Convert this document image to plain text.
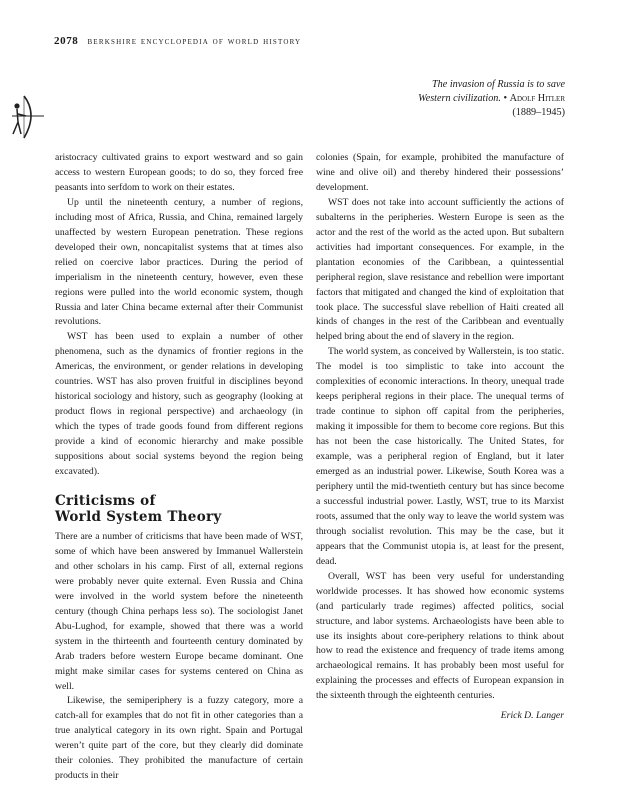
2078 berkshire encyclopedia of world history
The invasion of Russia is to save
Western civilization. • Adolf Hitler
(1889–1945)

aristocracy cultivated grains to export westward and so gain access to western European goods; to do so, they forced free peasants into serfdom to work on their estates.

Up until the nineteenth century, a number of regions, including most of Africa, Russia, and China, remained largely unaffected by western European penetration. These regions developed their own, noncapitalist systems that at times also relied on coercive labor practices. During the period of imperialism in the nineteenth century, however, even these regions were pulled into the world economic system, though Russia and later China became external after their Communist revolutions.

WST has been used to explain a number of other phenomena, such as the dynamics of frontier regions in the Americas, the environment, or gender relations in developing countries. WST has also proven fruitful in disciplines beyond historical sociology and history, such as geography (looking at product flows in regional perspective) and archaeology (in which the types of trade goods found from different regions provide a kind of economic hierarchy and make possible suppositions about social systems beyond the region being excavated).

Criticisms of
World System Theory

There are a number of criticisms that have been made of WST, some of which have been answered by Immanuel Wallerstein and other scholars in his camp. First of all, external regions were probably never quite external. Even Russia and China were involved in the world system before the nineteenth century (though China perhaps less so). The sociologist Janet Abu-Lughod, for example, showed that there was a world system in the thirteenth and fourteenth century dominated by Arab traders before western Europe became dominant. One might make similar cases for systems centered on China as well.

Likewise, the semiperiphery is a fuzzy category, more a catch-all for examples that do not fit in other categories than a true analytical category in its own right. Spain and Portugal weren’t quite part of the core, but they clearly did dominate their colonies. They prohibited the manufacture of certain products in their

colonies (Spain, for example, prohibited the manufacture of wine and olive oil) and thereby hindered their possessions’ development.

WST does not take into account sufficiently the actions of subalterns in the peripheries. Western Europe is seen as the actor and the rest of the world as the acted upon. But subaltern activities had important consequences. For example, in the plantation economies of the Caribbean, a quintessential peripheral region, slave resistance and rebellion were important factors that mitigated and changed the kind of exploitation that took place. The successful slave rebellion of Haiti created all kinds of changes in the rest of the Caribbean and eventually helped bring about the end of slavery in the region.

The world system, as conceived by Wallerstein, is too static. The model is too simplistic to take into account the complexities of economic interactions. In theory, unequal trade keeps peripheral regions in their place. The unequal terms of trade continue to siphon off capital from the peripheries, making it impossible for them to become core regions. But this has not been the case historically. The United States, for example, was a peripheral region of England, but it later emerged as an industrial power. Likewise, South Korea was a periphery until the mid-twentieth century but has since become a successful industrial power. Lastly, WST, true to its Marxist roots, assumed that the only way to leave the world system was through socialist revolution. This may be the case, but it appears that the Communist utopia is, at least for the present, dead.

Overall, WST has been very useful for understanding worldwide processes. It has showed how economic systems (and particularly trade regimes) affected politics, social structure, and labor systems. Archaeologists have been able to use its insights about core-periphery relations to think about how to read the existence and frequency of trade items among archaeological remains. It has probably been most useful for explaining the processes and effects of European expansion in the sixteenth through the eighteenth centuries.

Erick D. Langer
